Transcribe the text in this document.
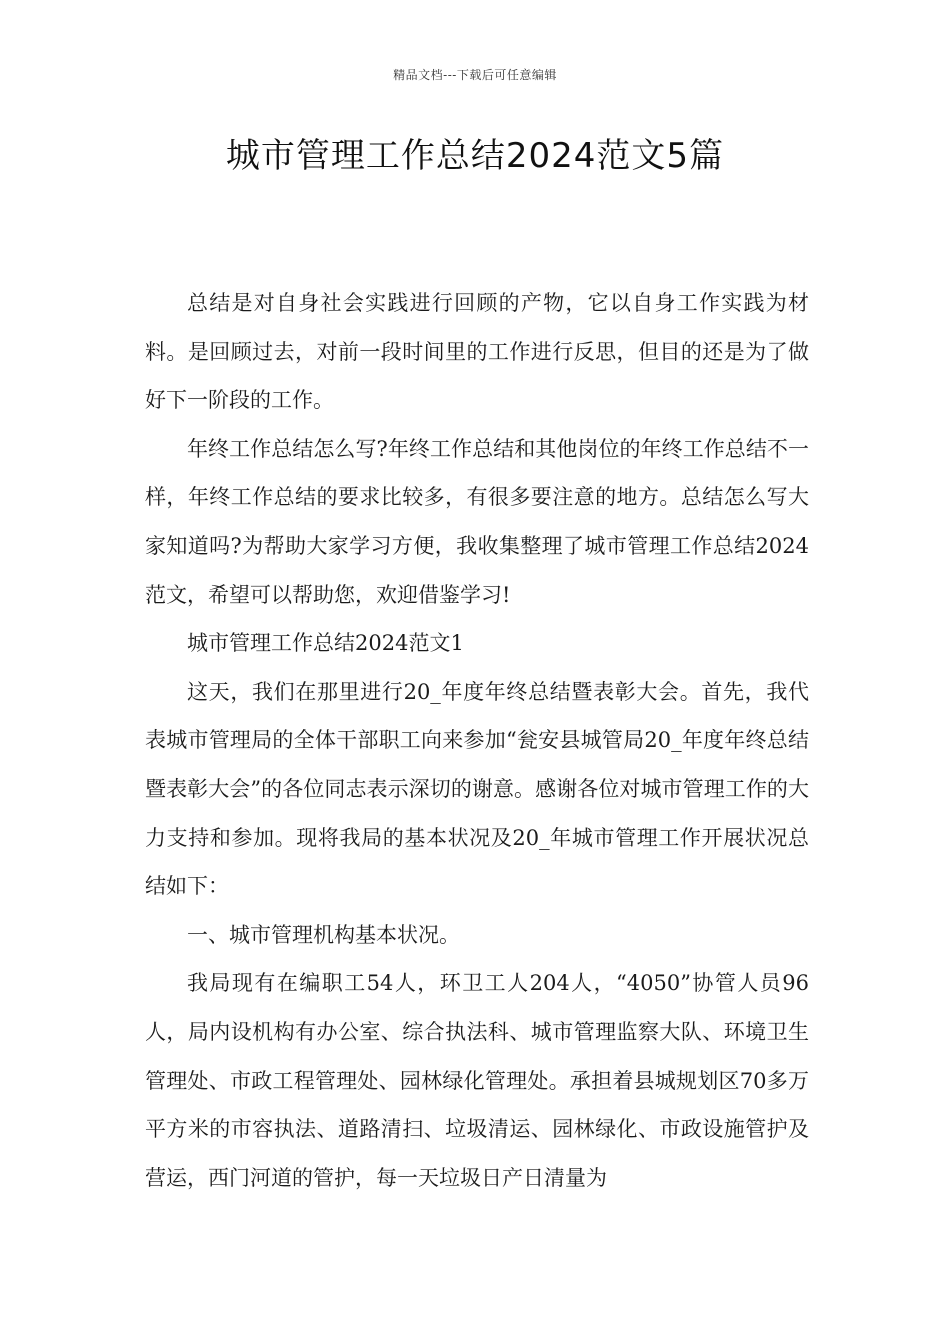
精品文档---下载后可任意编辑
城市管理工作总结2024范文5篇

总结是对自身社会实践进行回顾的产物，它以自身工作实践为材料。是回顾过去，对前一段时间里的工作进行反思，但目的还是为了做好下一阶段的工作。

年终工作总结怎么写?年终工作总结和其他岗位的年终工作总结不一样，年终工作总结的要求比较多，有很多要注意的地方。总结怎么写大家知道吗?为帮助大家学习方便，我收集整理了城市管理工作总结2024范文，希望可以帮助您，欢迎借鉴学习!

城市管理工作总结2024范文1

这天，我们在那里进行20_年度年终总结暨表彰大会。首先，我代表城市管理局的全体干部职工向来参加“瓮安县城管局20_年度年终总结暨表彰大会”的各位同志表示深切的谢意。感谢各位对城市管理工作的大力支持和参加。现将我局的基本状况及20_年城市管理工作开展状况总结如下：

一、城市管理机构基本状况。

我局现有在编职工54人，环卫工人204人，“4050”协管人员96人，局内设机构有办公室、综合执法科、城市管理监察大队、环境卫生管理处、市政工程管理处、园林绿化管理处。承担着县城规划区70多万平方米的市容执法、道路清扫、垃圾清运、园林绿化、市政设施管护及营运，西门河道的管护，每一天垃圾日产日清量为
